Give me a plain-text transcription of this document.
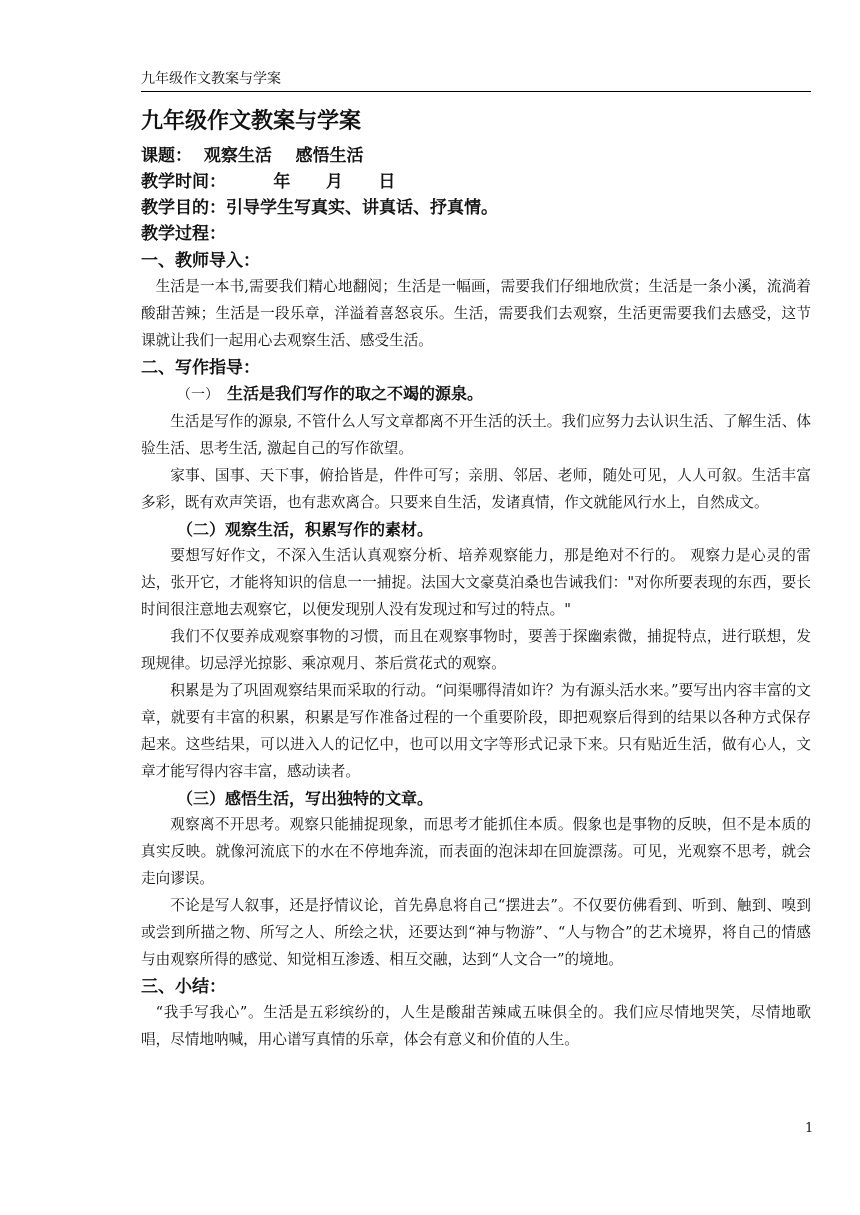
九年级作文教案与学案
九年级作文教案与学案
课题：  观察生活    感悟生活
教学时间：        年      月      日
教学目的：引导学生写真实、讲真话、抒真情。
教学过程：
一、教师导入：

生活是一本书,需要我们精心地翻阅；生活是一幅画，需要我们仔细地欣赏；生活是一条小溪，流淌着酸甜苦辣；生活是一段乐章，洋溢着喜怒哀乐。生活，需要我们去观察，生活更需要我们去感受，这节课就让我们一起用心去观察生活、感受生活。

二、写作指导：
（一） 生活是我们写作的取之不竭的源泉。

生活是写作的源泉, 不管什么人写文章都离不开生活的沃土。我们应努力去认识生活、了解生活、体验生活、思考生活, 激起自己的写作欲望。

家事、国事、天下事，俯拾皆是，件件可写；亲朋、邻居、老师，随处可见，人人可叙。生活丰富多彩，既有欢声笑语，也有悲欢离合。只要来自生活，发诸真情，作文就能风行水上，自然成文。

（二）观察生活，积累写作的素材。

要想写好作文，不深入生活认真观察分析、培养观察能力，那是绝对不行的。 观察力是心灵的雷达，张开它，才能将知识的信息一一捕捉。法国大文豪莫泊桑也告诫我们："对你所要表现的东西，要长时间很注意地去观察它，以便发现别人没有发现过和写过的特点。"

我们不仅要养成观察事物的习惯，而且在观察事物时，要善于探幽索微，捕捉特点，进行联想，发现规律。切忌浮光掠影、乘凉观月、茶后赏花式的观察。

积累是为了巩固观察结果而采取的行动。“问渠哪得清如许？为有源头活水来。”要写出内容丰富的文章，就要有丰富的积累，积累是写作准备过程的一个重要阶段，即把观察后得到的结果以各种方式保存起来。这些结果，可以进入人的记忆中，也可以用文字等形式记录下来。只有贴近生活，做有心人，文章才能写得内容丰富，感动读者。

（三）感悟生活，写出独特的文章。

观察离不开思考。观察只能捕捉现象，而思考才能抓住本质。假象也是事物的反映，但不是本质的真实反映。就像河流底下的水在不停地奔流，而表面的泡沫却在回旋漂荡。可见，光观察不思考，就会走向谬误。

不论是写人叙事，还是抒情议论，首先鼻息将自己“摆进去”。不仅要仿佛看到、听到、触到、嗅到或尝到所描之物、所写之人、所绘之状，还要达到“神与物游”、“人与物合”的艺术境界，将自己的情感与由观察所得的感觉、知觉相互渗透、相互交融，达到“人文合一”的境地。

三、小结：

“我手写我心”。生活是五彩缤纷的，人生是酸甜苦辣咸五味俱全的。我们应尽情地哭笑，尽情地歌唱，尽情地呐喊，用心谱写真情的乐章，体会有意义和价值的人生。

1
